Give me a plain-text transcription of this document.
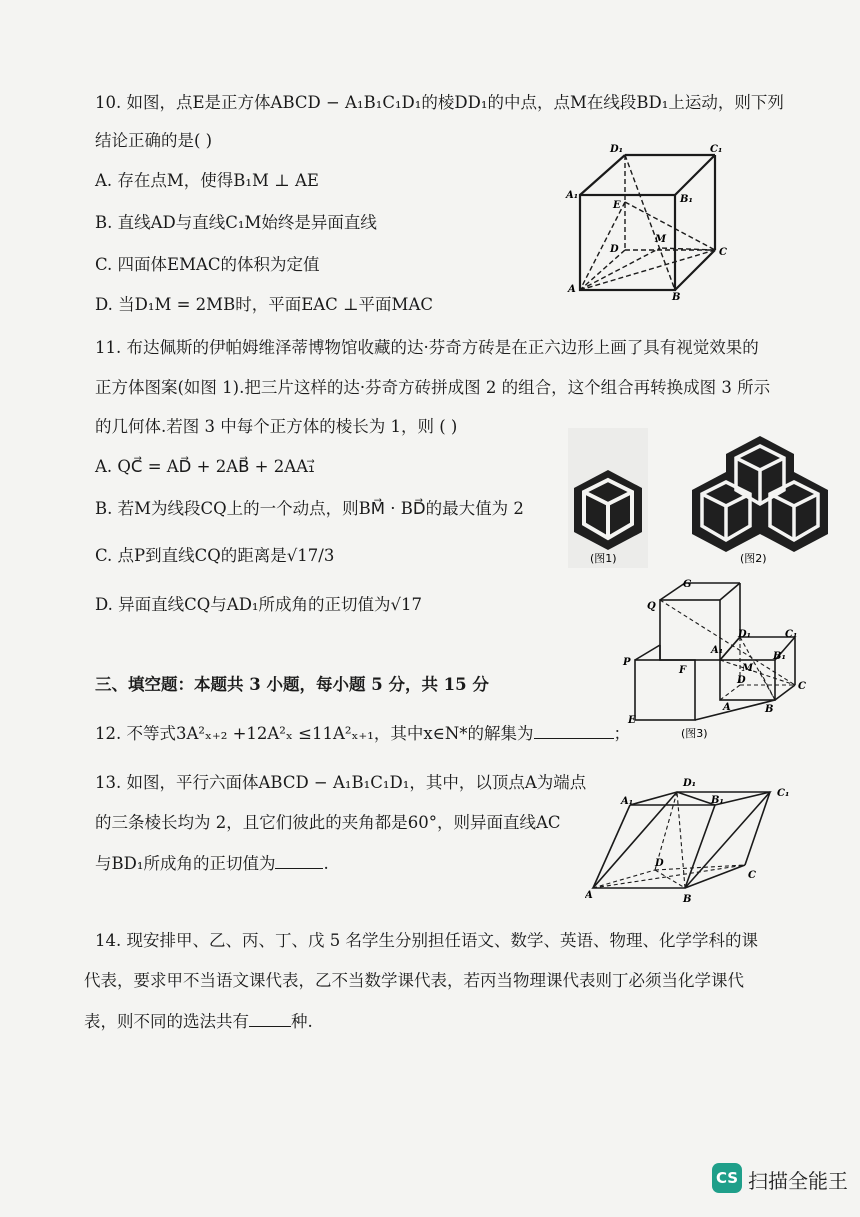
10. 如图，点E是正方体ABCD − A₁B₁C₁D₁的棱DD₁的中点，点M在线段BD₁上运动，则下列
结论正确的是( )
A. 存在点M，使得B₁M ⊥ AE
B. 直线AD与直线C₁M始终是异面直线
C. 四面体EMAC的体积为定值
D. 当D₁M = 2MB时，平面EAC ⊥平面MAC
D₁	C₁
A₁	B₁
E
D
M
C
A
B
11. 布达佩斯的伊帕姆维泽蒂博物馆收藏的达·芬奇方砖是在正六边形上画了具有视觉效果的
正方体图案(如图 1).把三片这样的达·芬奇方砖拼成图 2 的组合，这个组合再转换成图 3 所示
的几何体.若图 3 中每个正方体的棱长为 1，则 ( )
A. QC⃗ = AD⃗ + 2AB⃗ + 2AA₁⃗
B. 若M为线段CQ上的一个动点，则BM⃗ · BD⃗的最大值为 2
C. 点P到直线CQ的距离是√17/3
D. 异面直线CQ与AD₁所成角的正切值为√17
(图1)	(图2)
G
Q
D₁	C₁
A₁
B₁
P
F	M
D
C
A	B
E
(图3)
三、填空题：本题共 3 小题，每小题 5 分，共 15 分
12. 不等式3A²ₓ₊₂ +12A²ₓ ≤11A²ₓ₊₁，其中x∈N*的解集为	；
13. 如图，平行六面体ABCD − A₁B₁C₁D₁，其中，以顶点A为端点
的三条棱长均为 2，且它们彼此的夹角都是60°，则异面直线AC
与BD₁所成角的正切值为	.
D₁
A₁	B₁
C₁
D
A	B
C
14. 现安排甲、乙、丙、丁、戊 5 名学生分别担任语文、数学、英语、物理、化学学科的课
代表，要求甲不当语文课代表，乙不当数学课代表，若丙当物理课代表则丁必须当化学课代
表，则不同的选法共有	种.
CS 扫描全能王
